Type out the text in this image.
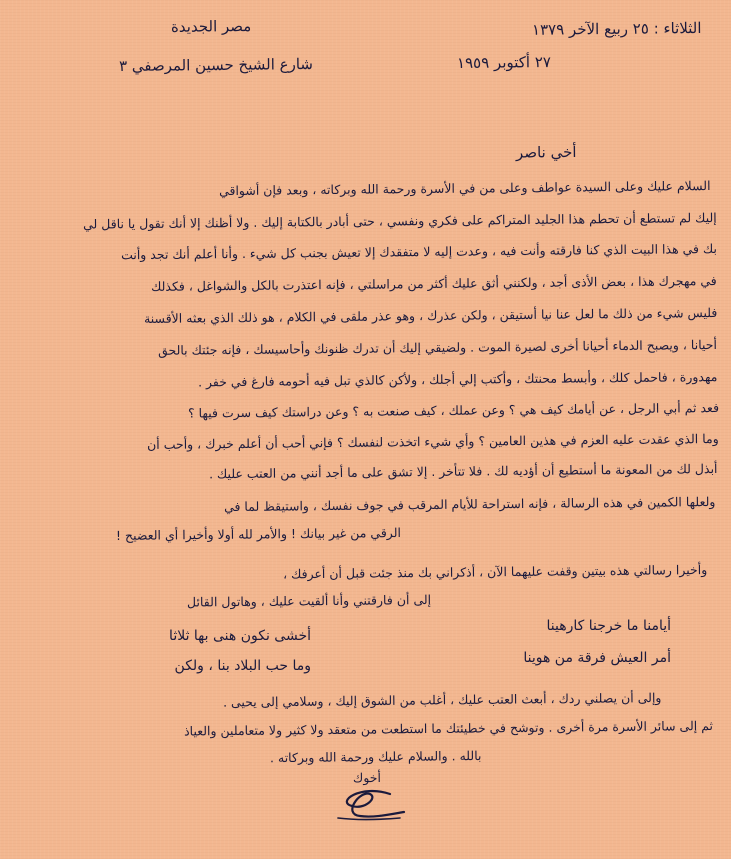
الثلاثاء : ٢٥ ربيع الآخر ١٣٧٩
٢٧ أكتوبر ١٩٥٩
مصر الجديدة
شارع الشيخ حسين المرصفي ٣
أخي ناصر
السلام عليك وعلى السيدة عواطف وعلى من في الأسرة ورحمة الله وبركاته ، وبعد فإن أشواقي
إليك لم تستطع أن تحطم هذا الجليد المتراكم على فكري ونفسي ، حتى أبادر بالكتابة إليك . ولا أظنك إلا أنك تقول يا ناقل لي
بك في هذا البيت الذي كنا فارقته وأنت فيه ، وعدت إليه لا متفقدك إلا تعيش بجنب كل شيء . وأنا أعلم أنك تجد وأنت
في مهجرك هذا ، بعض الأذى أجد ، ولكنني أثق عليك أكثر من مراسلتي ، فإنه اعتذرت بالكل والشواغل ، فكذلك
فليس شيء من ذلك ما لعل عنا نيا أستيقن ، ولكن عذرك ، وهو عذر ملقى في الكلام ، هو ذلك الذي بعثه الأقسنة
أحيانا ، ويصبح الدماء أحيانا أخرى لصيرة الموت . ولضيقي إليك أن تدرك ظنونك وأحاسيسك ، فإنه جئتك بالحق
مهدورة ، فاحمل كلك ، وأبسط محنتك ، وأكتب إلي أجلك ، ولأكن كالذي تبل فيه أحومه فارغ في خفر .
فعد ثم أبي الرجل ، عن أيامك كيف هي ؟ وعن عملك ، كيف صنعت به ؟ وعن دراستك كيف سرت فيها ؟
وما الذي عقدت عليه العزم في هذين العامين ؟ وأي شيء اتخذت لنفسك ؟ فإني أحب أن أعلم خبرك ، وأحب أن
أبذل لك من المعونة ما أستطيع أن أؤديه لك . فلا تتأخر . إلا تشق على ما أجد أنني من العتب عليك .
ولعلها الكمين في هذه الرسالة ، فإنه استراحة للأيام المرقب في جوف نفسك ، واستيقظ لما في
الرقي من غير بيانك ! والأمر لله أولا وأخيرا أي العضيح !
وأخيرا رسالتي هذه بيتين وقفت عليهما الآن ، أذكراني بك منذ جئت قبل أن أعرفك ،
إلى أن فارقتني وأنا ألقيت عليك ، وهاتول القائل
أخشى نكون هنى بها ثلاثا
أيامنا ما خرجنا كارهينا
وما حب البلاد بنا ، ولكن	أمر العيش فرقة من هوينا
وإلى أن يصلني ردك ، أبعث العتب عليك ، أغلب من الشوق إليك ، وسلامي إلى يحيى .
ثم إلى سائر الأسرة مرة أخرى . وتوشح في خطيئتك ما استطعت من متعقد ولا كثير ولا متعاملين والعياذ
بالله . والسلام عليك ورحمة الله وبركاته .
أخوك
